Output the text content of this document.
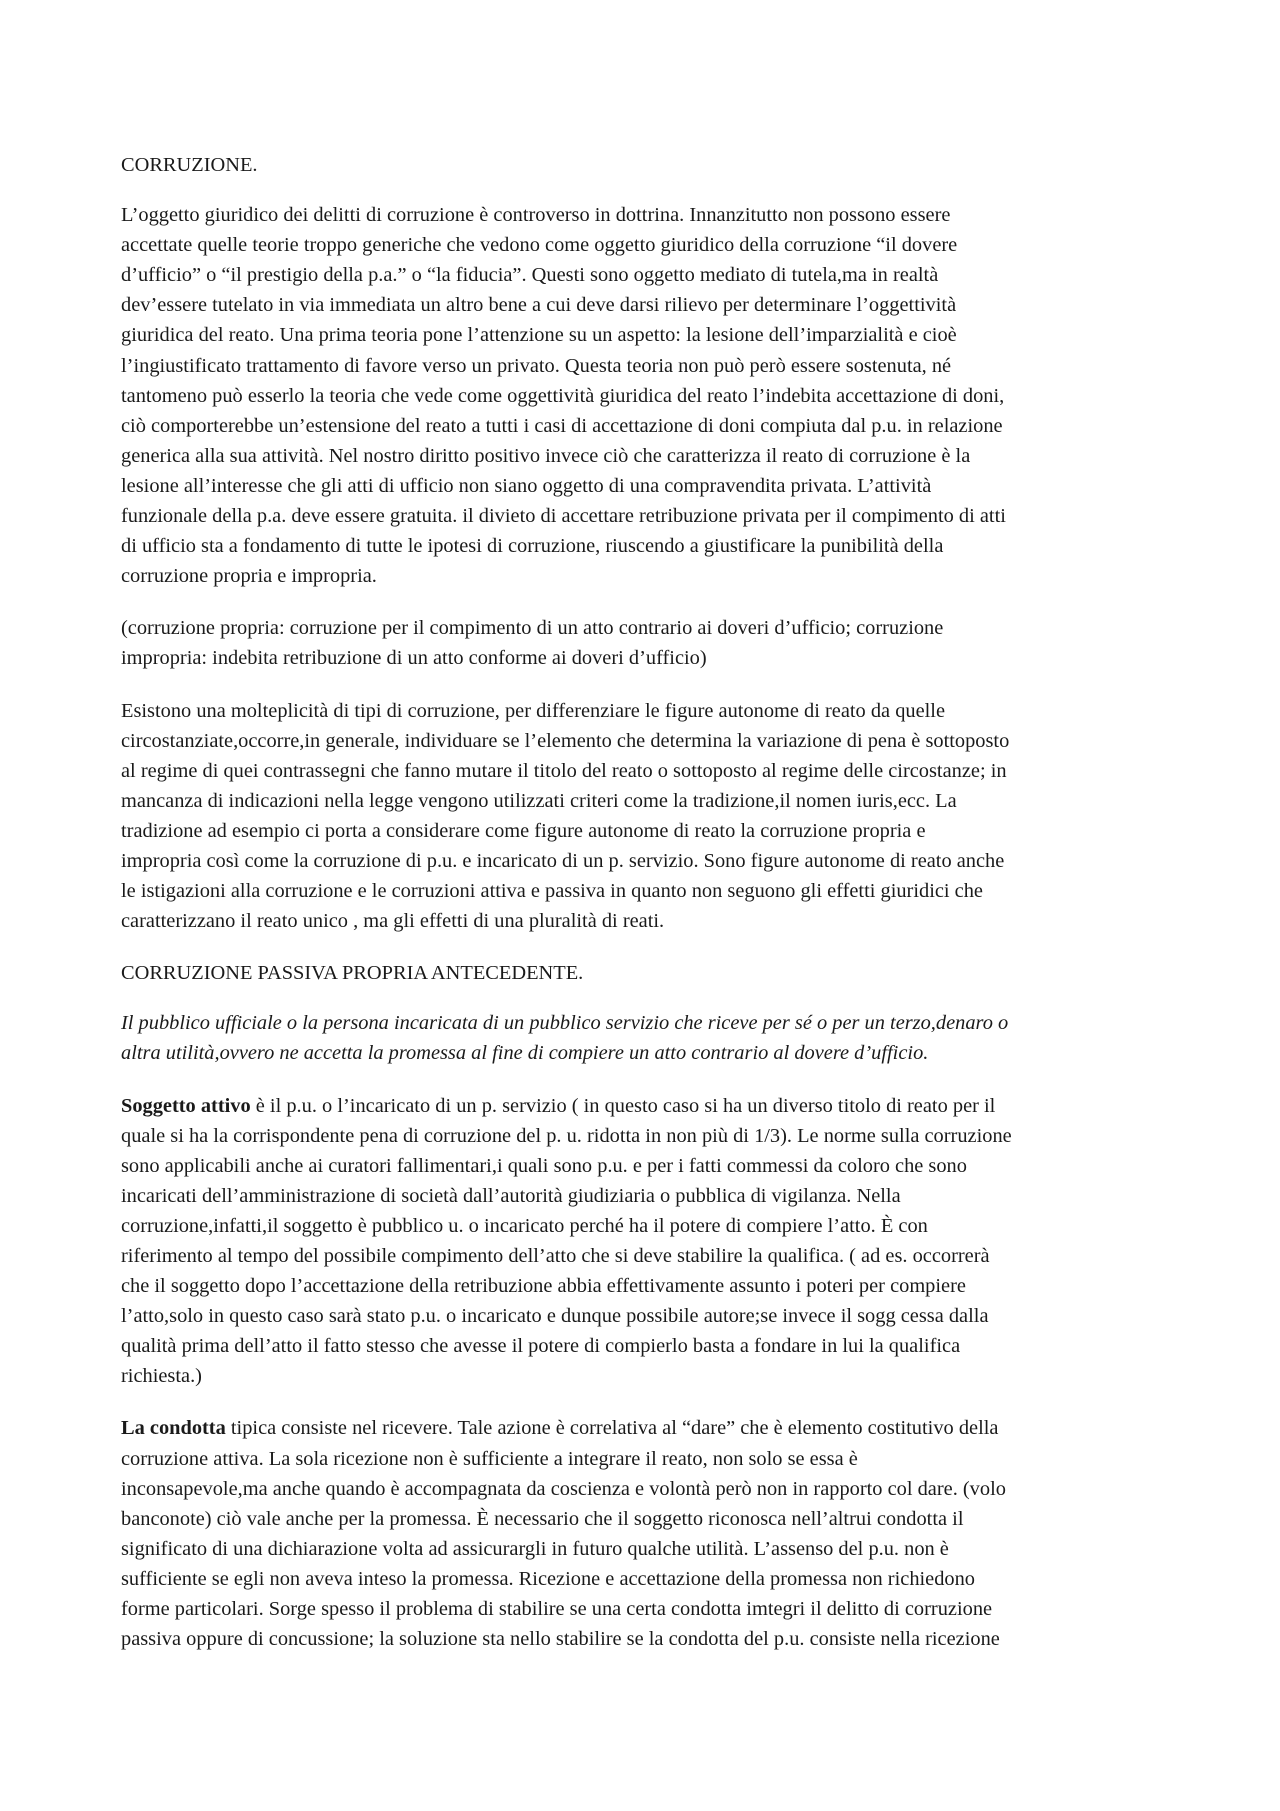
CORRUZIONE.

L’oggetto giuridico dei delitti di corruzione è controverso in dottrina. Innanzitutto non possono essere
accettate quelle teorie troppo generiche che vedono come oggetto giuridico della corruzione “il dovere
d’ufficio” o “il prestigio della p.a.” o “la fiducia”. Questi sono oggetto mediato di tutela,ma in realtà
dev’essere tutelato in via immediata un altro bene a cui deve darsi rilievo per determinare l’oggettività
giuridica del reato. Una prima teoria pone l’attenzione su un aspetto: la lesione dell’imparzialità e cioè
l’ingiustificato trattamento di favore verso un privato. Questa teoria non può però essere sostenuta, né
tantomeno può esserlo la teoria che vede come oggettività giuridica del reato l’indebita accettazione di doni,
ciò comporterebbe un’estensione del reato a tutti i casi di accettazione di doni compiuta dal p.u. in relazione
generica alla sua attività. Nel nostro diritto positivo invece ciò che caratterizza il reato di corruzione è la
lesione all’interesse che gli atti di ufficio non siano oggetto di una compravendita privata. L’attività
funzionale della p.a. deve essere gratuita. il divieto di accettare retribuzione privata per il compimento di atti
di ufficio sta a fondamento di tutte le ipotesi di corruzione, riuscendo a giustificare la punibilità della
corruzione propria e impropria.

(corruzione propria: corruzione per il compimento di un atto contrario ai doveri d’ufficio; corruzione
impropria: indebita retribuzione di un atto conforme ai doveri d’ufficio)

Esistono una molteplicità di tipi di corruzione, per differenziare le figure autonome di reato da quelle
circostanziate,occorre,in generale, individuare se l’elemento che determina la variazione di pena è sottoposto
al regime di quei contrassegni che fanno mutare il titolo del reato o sottoposto al regime delle circostanze; in
mancanza di indicazioni nella legge vengono utilizzati criteri come la tradizione,il nomen iuris,ecc. La
tradizione ad esempio ci porta a considerare come figure autonome di reato la corruzione propria e
impropria così come la corruzione di p.u. e incaricato di un p. servizio. Sono figure autonome di reato anche
le istigazioni alla corruzione e le corruzioni attiva e passiva in quanto non seguono gli effetti giuridici che
caratterizzano il reato unico , ma gli effetti di una pluralità di reati.

CORRUZIONE PASSIVA PROPRIA ANTECEDENTE.

Il pubblico ufficiale o la persona incaricata di un pubblico servizio che riceve per sé o per un terzo,denaro o
altra utilità,ovvero ne accetta la promessa al fine di compiere un atto contrario al dovere d’ufficio.

Soggetto attivo è il p.u. o l’incaricato di un p. servizio ( in questo caso si ha un diverso titolo di reato per il
quale si ha la corrispondente pena di corruzione del p. u. ridotta in non più di 1/3). Le norme sulla corruzione
sono applicabili anche ai curatori fallimentari,i quali sono p.u. e per i fatti commessi da coloro che sono
incaricati dell’amministrazione di società dall’autorità giudiziaria o pubblica di vigilanza. Nella
corruzione,infatti,il soggetto è pubblico u. o incaricato perché ha il potere di compiere l’atto. È con
riferimento al tempo del possibile compimento dell’atto che si deve stabilire la qualifica. ( ad es. occorrerà
che il soggetto dopo l’accettazione della retribuzione abbia effettivamente assunto i poteri per compiere
l’atto,solo in questo caso sarà stato p.u. o incaricato e dunque possibile autore;se invece il sogg cessa dalla
qualità prima dell’atto il fatto stesso che avesse il potere di compierlo basta a fondare in lui la qualifica
richiesta.)

La condotta tipica consiste nel ricevere. Tale azione è correlativa al “dare” che è elemento costitutivo della
corruzione attiva. La sola ricezione non è sufficiente a integrare il reato, non solo se essa è
inconsapevole,ma anche quando è accompagnata da coscienza e volontà però non in rapporto col dare. (volo
banconote) ciò vale anche per la promessa. È necessario che il soggetto riconosca nell’altrui condotta il
significato di una dichiarazione volta ad assicurargli in futuro qualche utilità. L’assenso del p.u. non è
sufficiente se egli non aveva inteso la promessa. Ricezione e accettazione della promessa non richiedono
forme particolari. Sorge spesso il problema di stabilire se una certa condotta imtegri il delitto di corruzione
passiva oppure di concussione; la soluzione sta nello stabilire se la condotta del p.u. consiste nella ricezione
